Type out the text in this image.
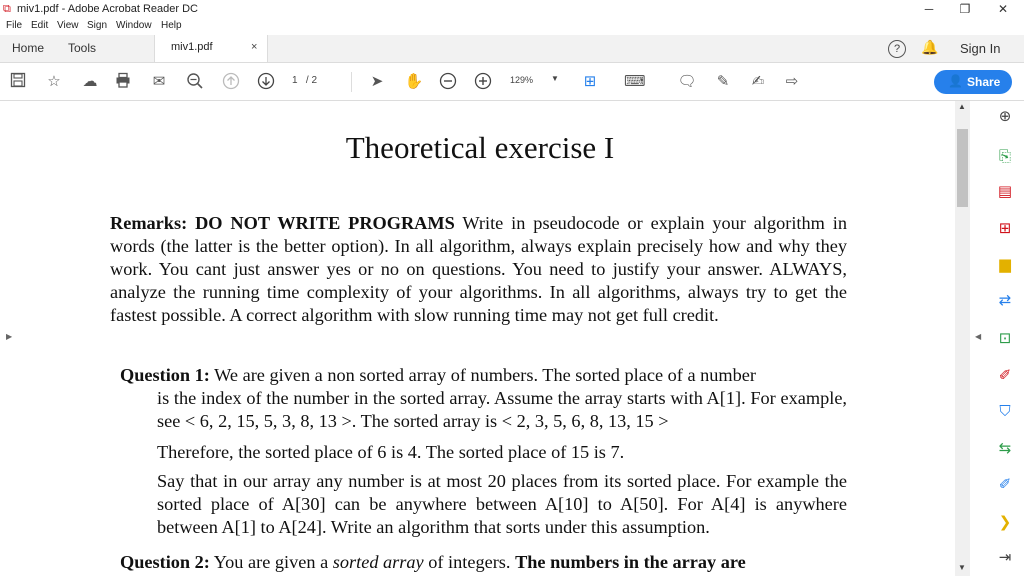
⧉ miv1.pdf - Adobe Acrobat Reader DC	─	❐	✕
File Edit View Sign Window Help
Home Tools	miv1.pdf	×	?	🔔 Sign In
☆ ☁	✉	1 / 2	➤ ✋	129% ▼ ⊞ ⌨ 🗨 ✎ ✍ ⇨	👤 Share
▶
Theoretical exercise I
Remarks: DO NOT WRITE PROGRAMS Write in pseudocode or explain your algorithm in words (the latter is the better option). In all algorithm, always explain precisely how and why they work. You cant just answer yes or no on questions. You need to justify your answer. ALWAYS, analyze the running time complexity of your algorithms. In all algorithms, always try to get the fastest possible. A correct algorithm with slow running time may not get full credit.
Question 1: We are given a non sorted array of numbers. The sorted place of a number
is the index of the number in the sorted array. Assume the array starts with A[1]. For example, see < 6, 2, 15, 5, 3, 8, 13 >. The sorted array is < 2, 3, 5, 6, 8, 13, 15 >
Therefore, the sorted place of 6 is 4. The sorted place of 15 is 7.
Say that in our array any number is at most 20 places from its sorted place. For example the sorted place of A[30] can be anywhere between A[10] to A[50]. For A[4] is anywhere between A[1] to A[24]. Write an algorithm that sorts under this assumption.
Question 2: You are given a sorted array of integers. The numbers in the array are
▲
▼
◀
⊕
⎘
▤
⊞
▆
⇄
⊡
✐
⛉
⇆
✐
❯
⇥
